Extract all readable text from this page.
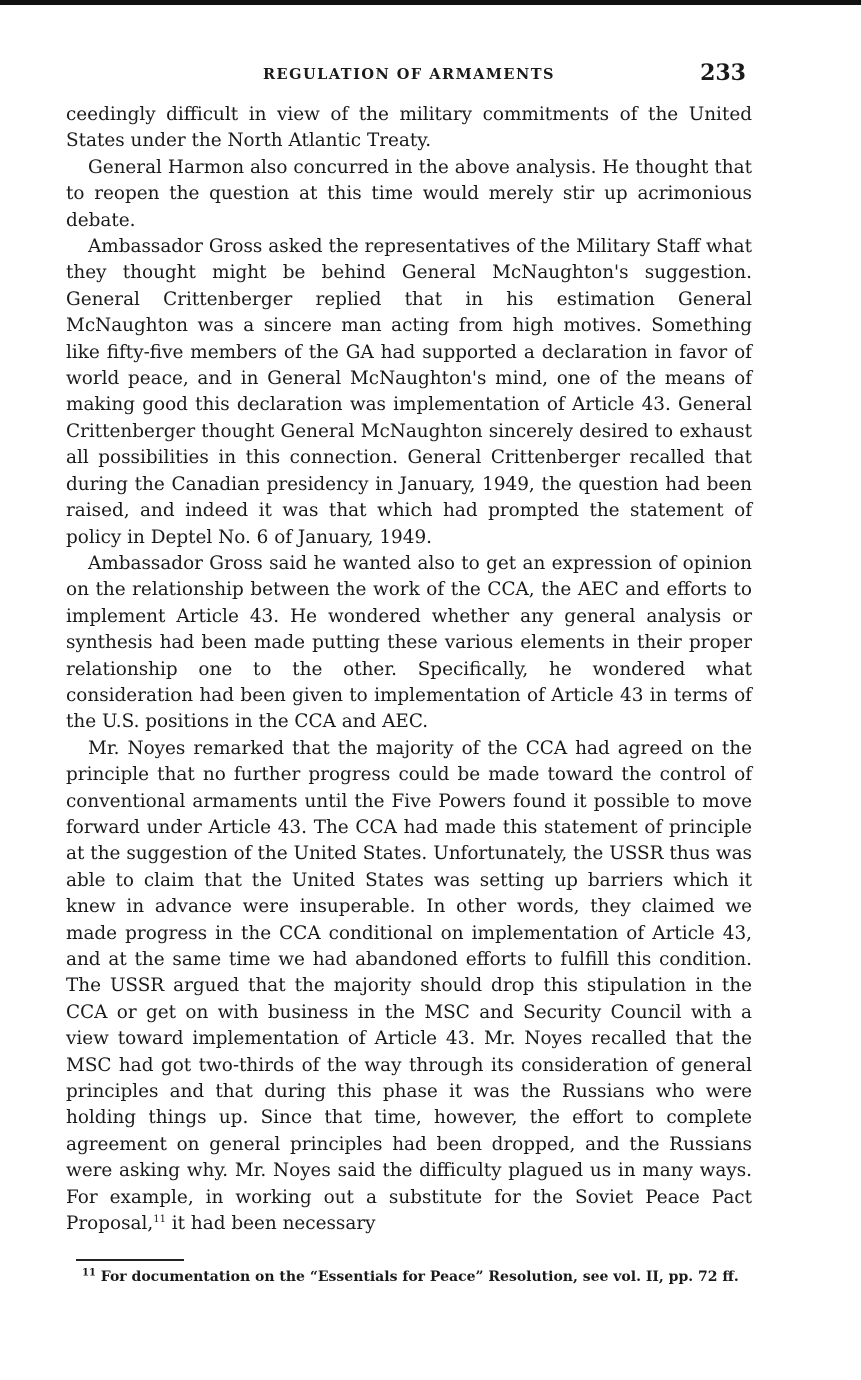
REGULATION OF ARMAMENTS	233

ceedingly difficult in view of the military commitments of the United States under the North Atlantic Treaty.

General Harmon also concurred in the above analysis. He thought that to reopen the question at this time would merely stir up acrimonious debate.

Ambassador Gross asked the representatives of the Military Staff what they thought might be behind General McNaughton's suggestion. General Crittenberger replied that in his estimation General McNaughton was a sincere man acting from high motives. Something like fifty-five members of the GA had supported a declaration in favor of world peace, and in General McNaughton's mind, one of the means of making good this declaration was implementation of Article 43. General Crittenberger thought General McNaughton sincerely desired to exhaust all possibilities in this connection. General Crittenberger recalled that during the Canadian presidency in January, 1949, the question had been raised, and indeed it was that which had prompted the statement of policy in Deptel No. 6 of January, 1949.

Ambassador Gross said he wanted also to get an expression of opinion on the relationship between the work of the CCA, the AEC and efforts to implement Article 43. He wondered whether any general analysis or synthesis had been made putting these various elements in their proper relationship one to the other. Specifically, he wondered what consideration had been given to implementation of Article 43 in terms of the U.S. positions in the CCA and AEC.

Mr. Noyes remarked that the majority of the CCA had agreed on the principle that no further progress could be made toward the control of conventional armaments until the Five Powers found it possible to move forward under Article 43. The CCA had made this statement of principle at the suggestion of the United States. Unfortunately, the USSR thus was able to claim that the United States was setting up barriers which it knew in advance were insuperable. In other words, they claimed we made progress in the CCA conditional on implementation of Article 43, and at the same time we had abandoned efforts to fulfill this condition. The USSR argued that the majority should drop this stipulation in the CCA or get on with business in the MSC and Security Council with a view toward implementation of Article 43. Mr. Noyes recalled that the MSC had got two-thirds of the way through its consideration of general principles and that during this phase it was the Russians who were holding things up. Since that time, however, the effort to complete agreement on general principles had been dropped, and the Russians were asking why. Mr. Noyes said the difficulty plagued us in many ways. For example, in working out a substitute for the Soviet Peace Pact Proposal,$^{11}$ it had been necessary

$^{11}$ For documentation on the “Essentials for Peace” Resolution, see vol. II, pp. 72 ff.
